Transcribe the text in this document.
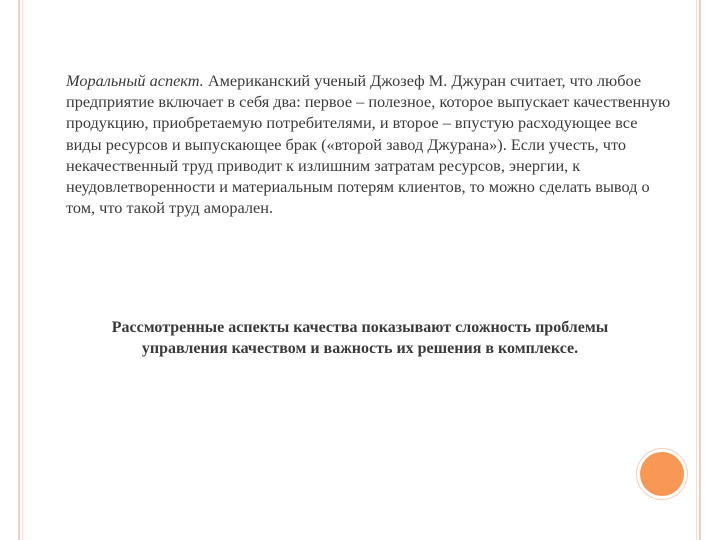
Моральный аспект. Американский ученый Джозеф М. Джуран считает, что любое предприятие включает в себя два: первое – полезное, которое выпускает качественную продукцию, приобретаемую потребителями, и второе – впустую расходующее все виды ресурсов и выпускающее брак («второй завод Джурана»). Если учесть, что некачественный труд приводит к излишним затратам ресурсов, энергии, к неудовлетворенности и материальным потерям клиентов, то можно сделать вывод о том, что такой труд аморален.

Рассмотренные аспекты качества показывают сложность проблемы управления качеством и важность их решения в комплексе.
